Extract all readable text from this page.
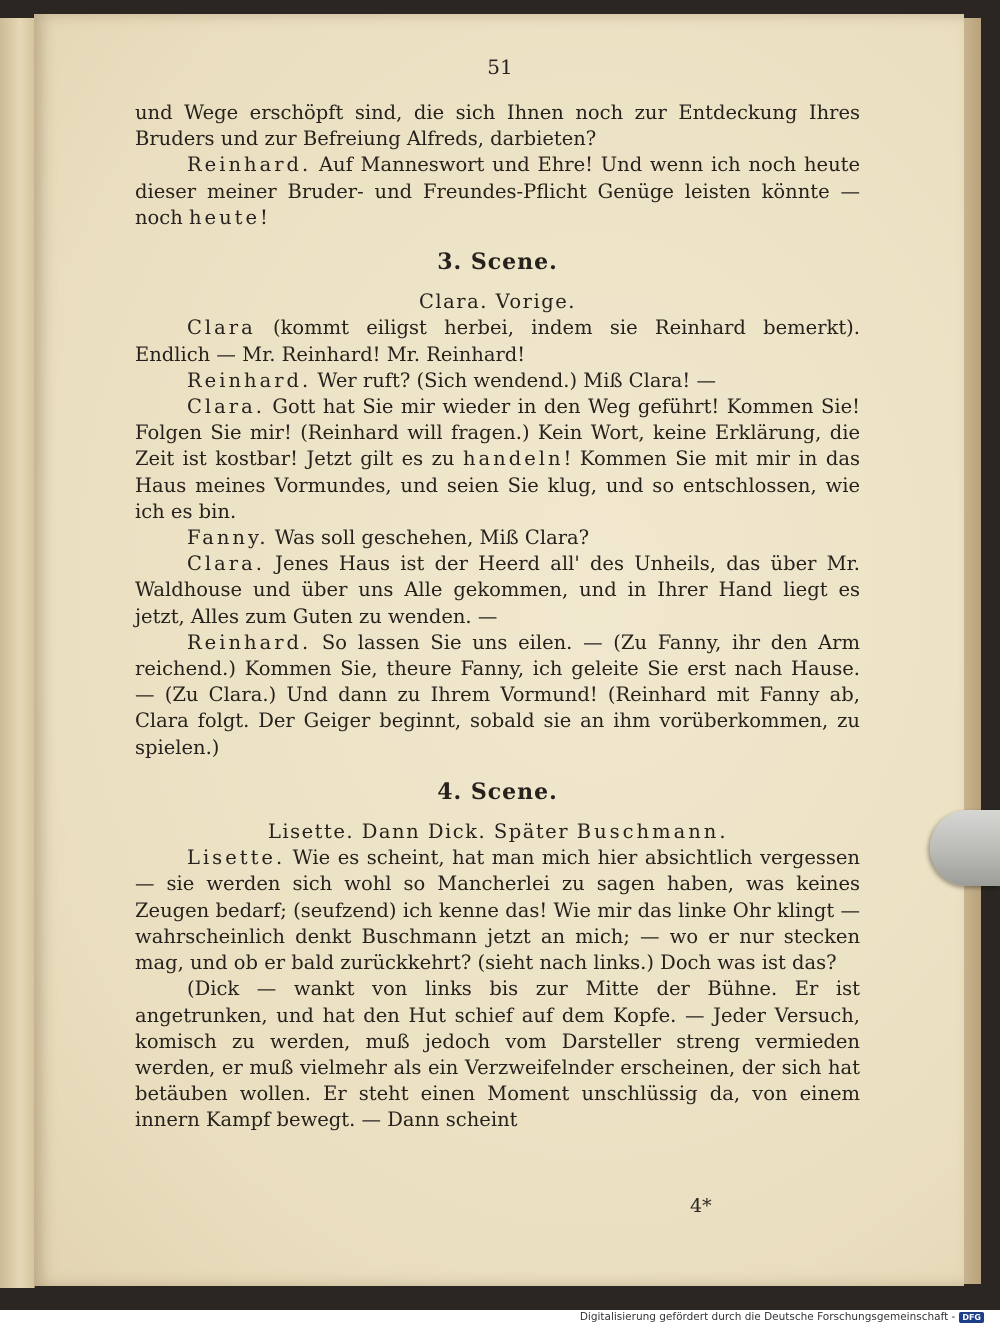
51

und Wege erschöpft sind, die sich Ihnen noch zur Entdeckung Ihres Bruders und zur Befreiung Alfreds, darbieten?

Reinhard. Auf Manneswort und Ehre! Und wenn ich noch heute dieser meiner Bruder- und Freundes-Pflicht Genüge leisten könnte — noch heute!

3. Scene.

Clara. Vorige.

Clara (kommt eiligst herbei, indem sie Reinhard bemerkt). Endlich — Mr. Reinhard! Mr. Reinhard!

Reinhard. Wer ruft? (Sich wendend.) Miß Clara! —

Clara. Gott hat Sie mir wieder in den Weg geführt! Kommen Sie! Folgen Sie mir! (Reinhard will fragen.) Kein Wort, keine Erklärung, die Zeit ist kostbar! Jetzt gilt es zu handeln! Kommen Sie mit mir in das Haus meines Vormundes, und seien Sie klug, und so entschlossen, wie ich es bin.

Fanny. Was soll geschehen, Miß Clara?

Clara. Jenes Haus ist der Heerd all' des Unheils, das über Mr. Waldhouse und über uns Alle gekommen, und in Ihrer Hand liegt es jetzt, Alles zum Guten zu wenden. —

Reinhard. So lassen Sie uns eilen. — (Zu Fanny, ihr den Arm reichend.) Kommen Sie, theure Fanny, ich geleite Sie erst nach Hause. — (Zu Clara.) Und dann zu Ihrem Vormund! (Reinhard mit Fanny ab, Clara folgt. Der Geiger beginnt, sobald sie an ihm vorüberkommen, zu spielen.)

4. Scene.

Lisette. Dann Dick. Später Buschmann.

Lisette. Wie es scheint, hat man mich hier absichtlich vergessen — sie werden sich wohl so Mancherlei zu sagen haben, was keines Zeugen bedarf; (seufzend) ich kenne das! Wie mir das linke Ohr klingt — wahrscheinlich denkt Buschmann jetzt an mich; — wo er nur stecken mag, und ob er bald zurückkehrt? (sieht nach links.) Doch was ist das?

(Dick — wankt von links bis zur Mitte der Bühne. Er ist angetrunken, und hat den Hut schief auf dem Kopfe. — Jeder Versuch, komisch zu werden, muß jedoch vom Darsteller streng vermieden werden, er muß vielmehr als ein Verzweifelnder erscheinen, der sich hat betäuben wollen. Er steht einen Moment unschlüssig da, von einem innern Kampf bewegt. — Dann scheint

4*
Digitalisierung gefördert durch die Deutsche Forschungsgemeinschaft - DFG
